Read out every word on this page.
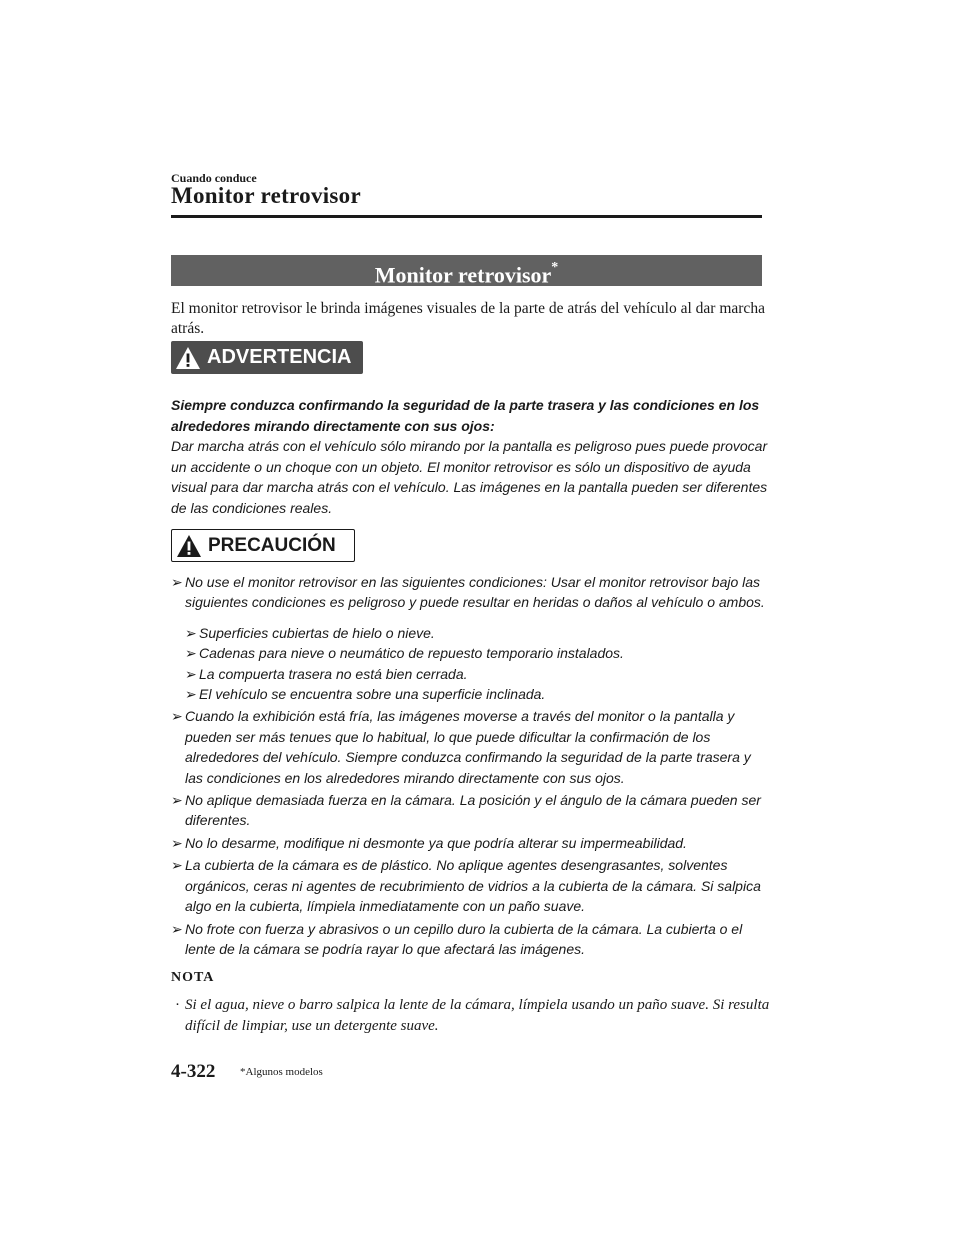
Cuando conduce
Monitor retrovisor
Monitor retrovisor*
El monitor retrovisor le brinda imágenes visuales de la parte de atrás del vehículo al dar marcha atrás.
ADVERTENCIA

Siempre conduzca confirmando la seguridad de la parte trasera y las condiciones en los alrededores mirando directamente con sus ojos:

Dar marcha atrás con el vehículo sólo mirando por la pantalla es peligroso pues puede provocar un accidente o un choque con un objeto. El monitor retrovisor es sólo un dispositivo de ayuda visual para dar marcha atrás con el vehículo. Las imágenes en la pantalla pueden ser diferentes de las condiciones reales.

PRECAUCIÓN
➢ No use el monitor retrovisor en las siguientes condiciones: Usar el monitor retrovisor bajo las siguientes condiciones es peligroso y puede resultar en heridas o daños al vehículo o ambos.
➢ Superficies cubiertas de hielo o nieve.
➢ Cadenas para nieve o neumático de repuesto temporario instalados.
➢ La compuerta trasera no está bien cerrada.
➢ El vehículo se encuentra sobre una superficie inclinada.
➢ Cuando la exhibición está fría, las imágenes moverse a través del monitor o la pantalla y pueden ser más tenues que lo habitual, lo que puede dificultar la confirmación de los alrededores del vehículo. Siempre conduzca confirmando la seguridad de la parte trasera y las condiciones en los alrededores mirando directamente con sus ojos.
➢ No aplique demasiada fuerza en la cámara. La posición y el ángulo de la cámara pueden ser diferentes.
➢ No lo desarme, modifique ni desmonte ya que podría alterar su impermeabilidad.
➢ La cubierta de la cámara es de plástico. No aplique agentes desengrasantes, solventes orgánicos, ceras ni agentes de recubrimiento de vidrios a la cubierta de la cámara. Si salpica algo en la cubierta, límpiela inmediatamente con un paño suave.
➢ No frote con fuerza y abrasivos o un cepillo duro la cubierta de la cámara. La cubierta o el lente de la cámara se podría rayar lo que afectará las imágenes.
NOTA
· Si el agua, nieve o barro salpica la lente de la cámara, límpiela usando un paño suave. Si resulta difícil de limpiar, use un detergente suave.
4-322 *Algunos modelos
